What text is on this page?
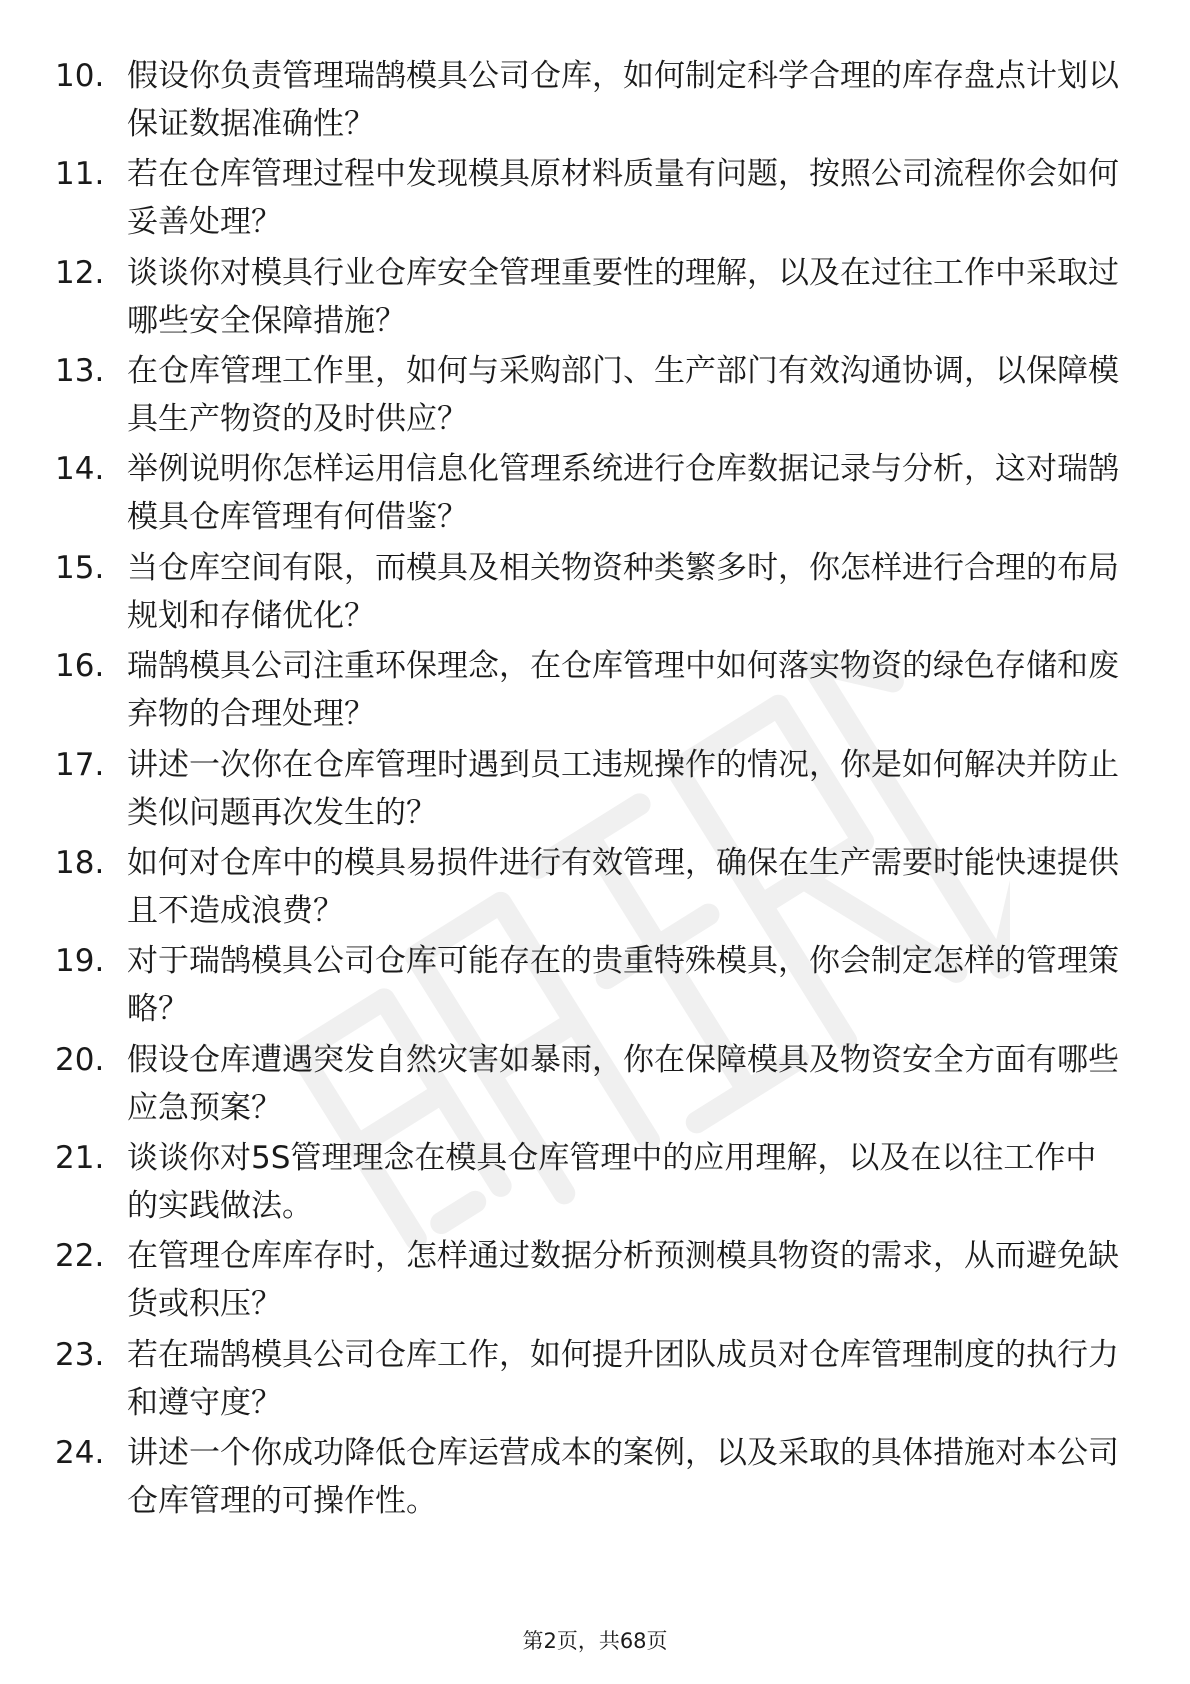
10. 假设你负责管理瑞鹄模具公司仓库，如何制定科学合理的库存盘点计划以保证数据准确性？
11. 若在仓库管理过程中发现模具原材料质量有问题，按照公司流程你会如何妥善处理？
12. 谈谈你对模具行业仓库安全管理重要性的理解，以及在过往工作中采取过哪些安全保障措施？
13. 在仓库管理工作里，如何与采购部门、生产部门有效沟通协调，以保障模具生产物资的及时供应？
14. 举例说明你怎样运用信息化管理系统进行仓库数据记录与分析，这对瑞鹄模具仓库管理有何借鉴？
15. 当仓库空间有限，而模具及相关物资种类繁多时，你怎样进行合理的布局规划和存储优化？
16. 瑞鹄模具公司注重环保理念，在仓库管理中如何落实物资的绿色存储和废弃物的合理处理？
17. 讲述一次你在仓库管理时遇到员工违规操作的情况，你是如何解决并防止类似问题再次发生的？
18. 如何对仓库中的模具易损件进行有效管理，确保在生产需要时能快速提供且不造成浪费？
19. 对于瑞鹄模具公司仓库可能存在的贵重特殊模具，你会制定怎样的管理策略？
20. 假设仓库遭遇突发自然灾害如暴雨，你在保障模具及物资安全方面有哪些应急预案？
21. 谈谈你对5S管理理念在模具仓库管理中的应用理解，以及在以往工作中的实践做法。
22. 在管理仓库库存时，怎样通过数据分析预测模具物资的需求，从而避免缺货或积压？
23. 若在瑞鹄模具公司仓库工作，如何提升团队成员对仓库管理制度的执行力和遵守度？
24. 讲述一个你成功降低仓库运营成本的案例，以及采取的具体措施对本公司仓库管理的可操作性。
第2页，共68页
